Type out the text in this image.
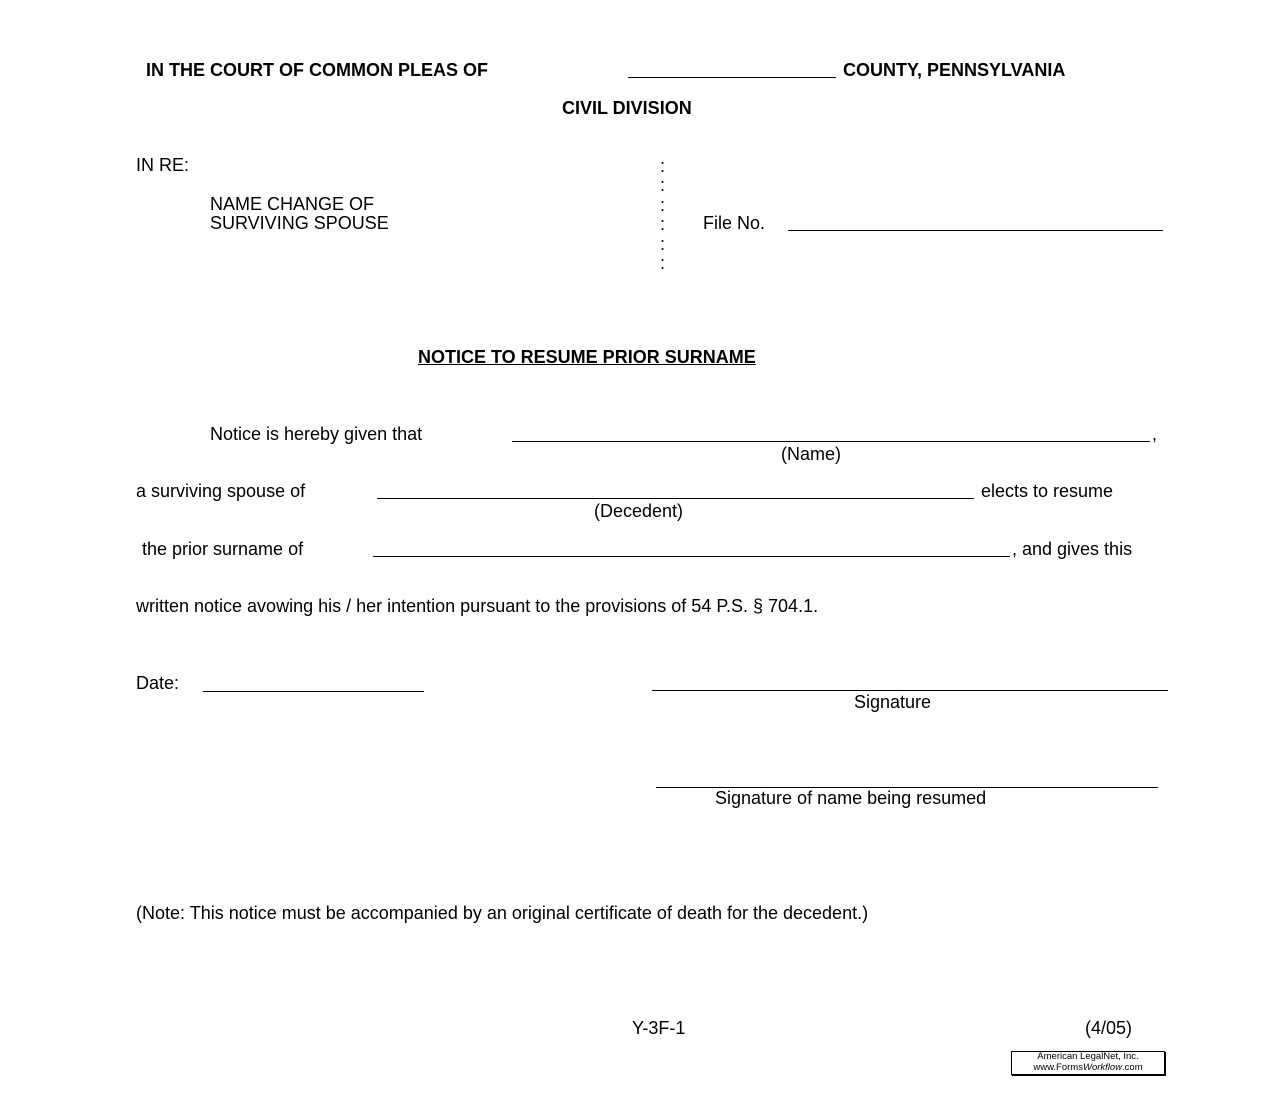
IN THE COURT OF COMMON PLEAS OF	COUNTY, PENNSYLVANIA
CIVIL DIVISION
IN RE:
NAME CHANGE OF
SURVIVING SPOUSE
:
:
:
:
:
:
File No.
NOTICE TO RESUME PRIOR SURNAME
Notice is hereby given that	,
(Name)
a surviving spouse of	elects to resume
(Decedent)
the prior surname of	, and gives this
written notice avowing his / her intention pursuant to the provisions of 54 P.S. § 704.1.
Date:
Signature
Signature of name being resumed
(Note: This notice must be accompanied by an original certificate of death for the decedent.)
Y-3F-1	(4/05)
American LegalNet, Inc.
www.FormsWorkflow.com
